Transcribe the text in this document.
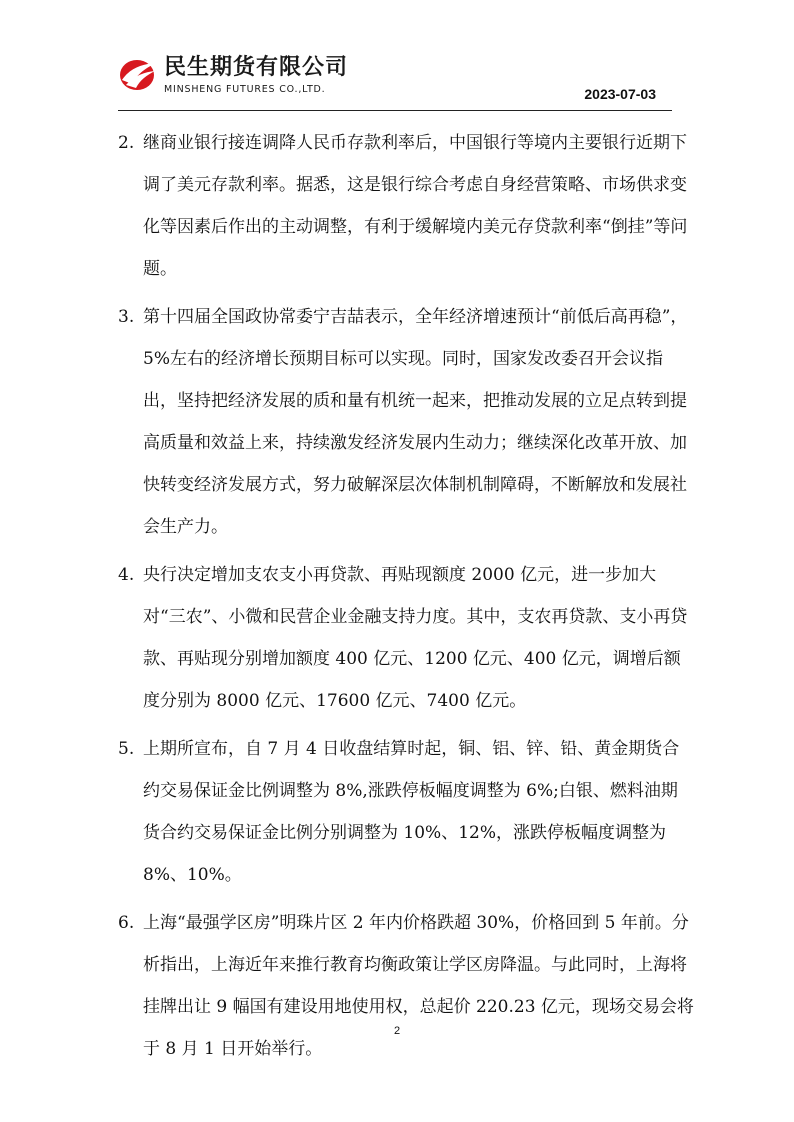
民生期货有限公司
MINSHENG FUTURES CO.,LTD.	2023-07-03
2. 继商业银行接连调降人民币存款利率后，中国银行等境内主要银行近期下调了美元存款利率。据悉，这是银行综合考虑自身经营策略、市场供求变化等因素后作出的主动调整，有利于缓解境内美元存贷款利率“倒挂”等问题。
3. 第十四届全国政协常委宁吉喆表示，全年经济增速预计“前低后高再稳”，5%左右的经济增长预期目标可以实现。同时，国家发改委召开会议指出，坚持把经济发展的质和量有机统一起来，把推动发展的立足点转到提高质量和效益上来，持续激发经济发展内生动力；继续深化改革开放、加快转变经济发展方式，努力破解深层次体制机制障碍，不断解放和发展社会生产力。
4. 央行决定增加支农支小再贷款、再贴现额度 2000 亿元，进一步加大对“三农”、小微和民营企业金融支持力度。其中，支农再贷款、支小再贷款、再贴现分别增加额度 400 亿元、1200 亿元、400 亿元，调增后额度分别为 8000 亿元、17600 亿元、7400 亿元。
5. 上期所宣布，自 7 月 4 日收盘结算时起，铜、铝、锌、铅、黄金期货合约交易保证金比例调整为 8%,涨跌停板幅度调整为 6%;白银、燃料油期货合约交易保证金比例分别调整为 10%、12%，涨跌停板幅度调整为 8%、10%。
6. 上海“最强学区房”明珠片区 2 年内价格跌超 30%，价格回到 5 年前。分析指出，上海近年来推行教育均衡政策让学区房降温。与此同时，上海将挂牌出让 9 幅国有建设用地使用权，总起价 220.23 亿元，现场交易会将于 8 月 1 日开始举行。
2
